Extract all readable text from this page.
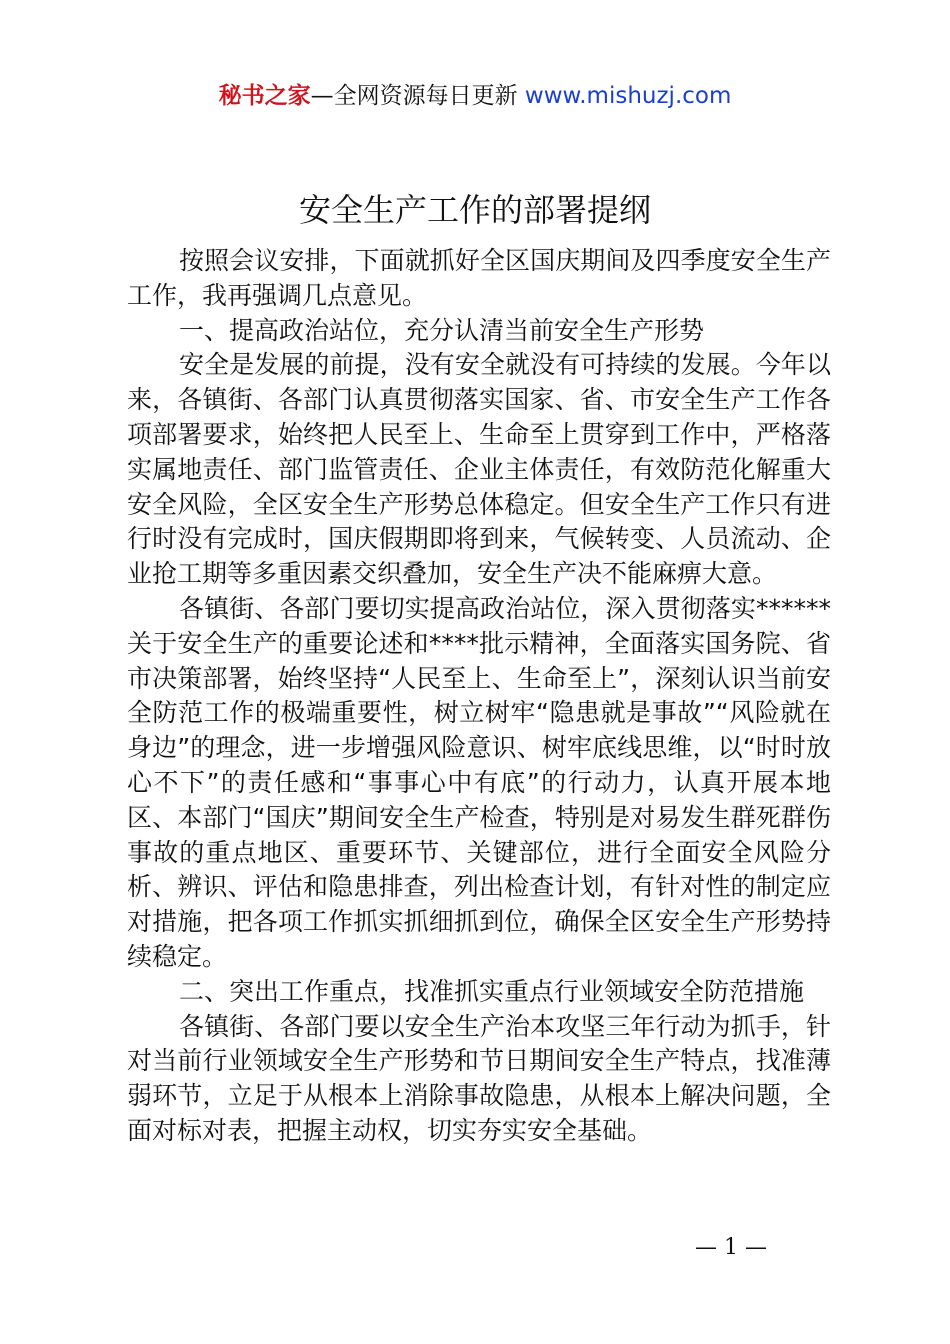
秘书之家—全网资源每日更新 www.mishuzj.com
安全生产工作的部署提纲

按照会议安排，下面就抓好全区国庆期间及四季度安全生产工作，我再强调几点意见。

一、提高政治站位，充分认清当前安全生产形势

安全是发展的前提，没有安全就没有可持续的发展。今年以来，各镇街、各部门认真贯彻落实国家、省、市安全生产工作各项部署要求，始终把人民至上、生命至上贯穿到工作中，严格落实属地责任、部门监管责任、企业主体责任，有效防范化解重大安全风险，全区安全生产形势总体稳定。但安全生产工作只有进行时没有完成时，国庆假期即将到来，气候转变、人员流动、企业抢工期等多重因素交织叠加，安全生产决不能麻痹大意。

各镇街、各部门要切实提高政治站位，深入贯彻落实******关于安全生产的重要论述和****批示精神，全面落实国务院、省市决策部署，始终坚持“人民至上、生命至上”，深刻认识当前安全防范工作的极端重要性，树立树牢“隐患就是事故”“风险就在身边”的理念，进一步增强风险意识、树牢底线思维，以“时时放心不下”的责任感和“事事心中有底”的行动力，认真开展本地区、本部门“国庆”期间安全生产检查，特别是对易发生群死群伤事故的重点地区、重要环节、关键部位，进行全面安全风险分析、辨识、评估和隐患排查，列出检查计划，有针对性的制定应对措施，把各项工作抓实抓细抓到位，确保全区安全生产形势持续稳定。

二、突出工作重点，找准抓实重点行业领域安全防范措施

各镇街、各部门要以安全生产治本攻坚三年行动为抓手，针对当前行业领域安全生产形势和节日期间安全生产特点，找准薄弱环节，立足于从根本上消除事故隐患，从根本上解决问题，全面对标对表，把握主动权，切实夯实安全基础。

— 1 —
